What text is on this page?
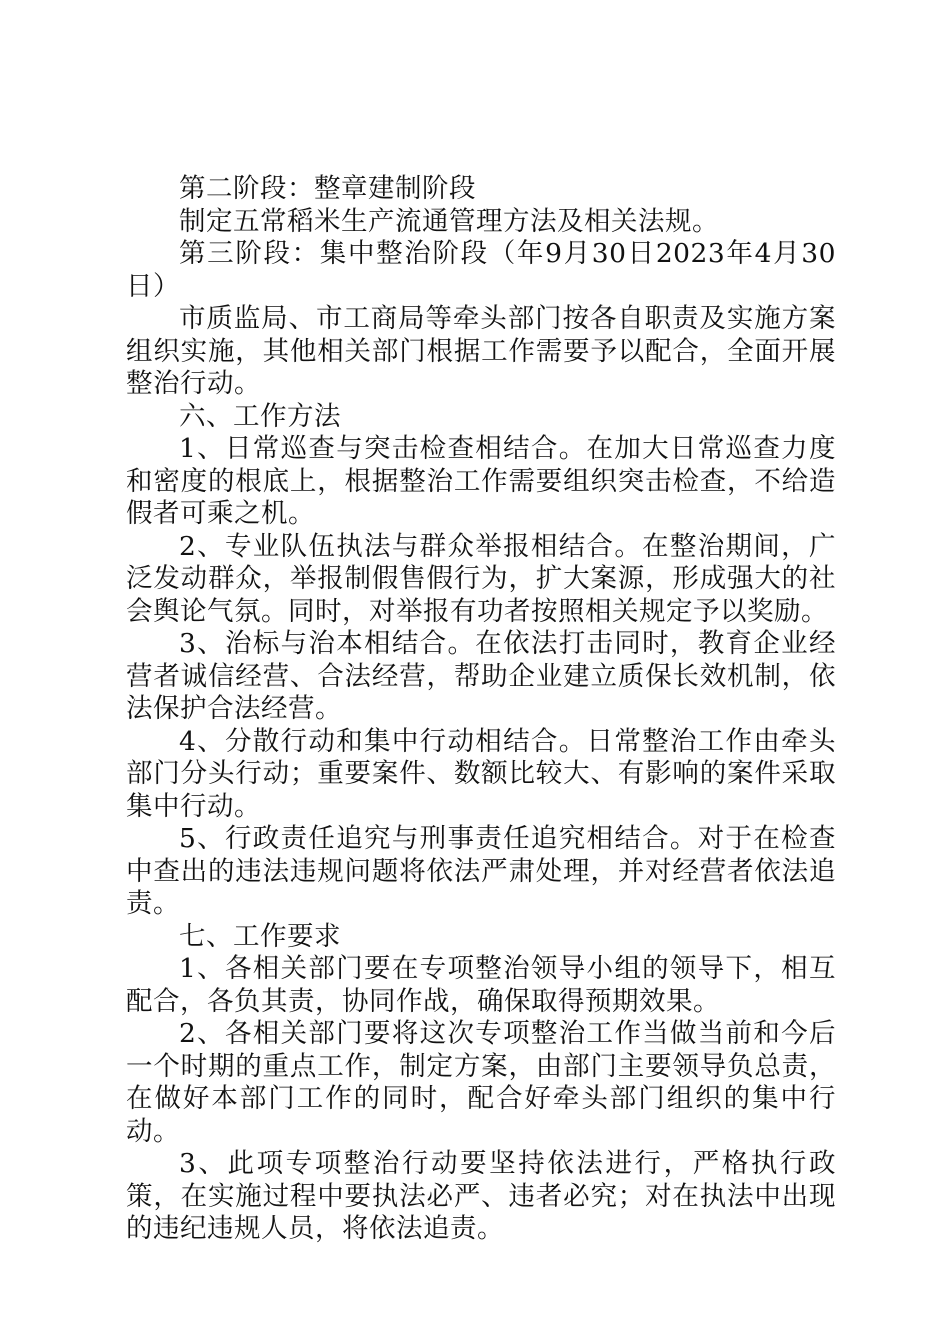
第二阶段：整章建制阶段

制定五常稻米生产流通管理方法及相关法规。

第三阶段：集中整治阶段（年9月30日2023年4月30日）

市质监局、市工商局等牵头部门按各自职责及实施方案组织实施，其他相关部门根据工作需要予以配合，全面开展整治行动。

六、工作方法

1、日常巡查与突击检查相结合。在加大日常巡查力度和密度的根底上，根据整治工作需要组织突击检查，不给造假者可乘之机。

2、专业队伍执法与群众举报相结合。在整治期间，广泛发动群众，举报制假售假行为，扩大案源，形成强大的社会舆论气氛。同时，对举报有功者按照相关规定予以奖励。

3、治标与治本相结合。在依法打击同时，教育企业经营者诚信经营、合法经营，帮助企业建立质保长效机制，依法保护合法经营。

4、分散行动和集中行动相结合。日常整治工作由牵头部门分头行动；重要案件、数额比较大、有影响的案件采取集中行动。

5、行政责任追究与刑事责任追究相结合。对于在检查中查出的违法违规问题将依法严肃处理，并对经营者依法追责。

七、工作要求

1、各相关部门要在专项整治领导小组的领导下，相互配合，各负其责，协同作战，确保取得预期效果。

2、各相关部门要将这次专项整治工作当做当前和今后一个时期的重点工作，制定方案，由部门主要领导负总责，在做好本部门工作的同时，配合好牵头部门组织的集中行动。

3、此项专项整治行动要坚持依法进行，严格执行政策，在实施过程中要执法必严、违者必究；对在执法中出现的违纪违规人员，将依法追责。
